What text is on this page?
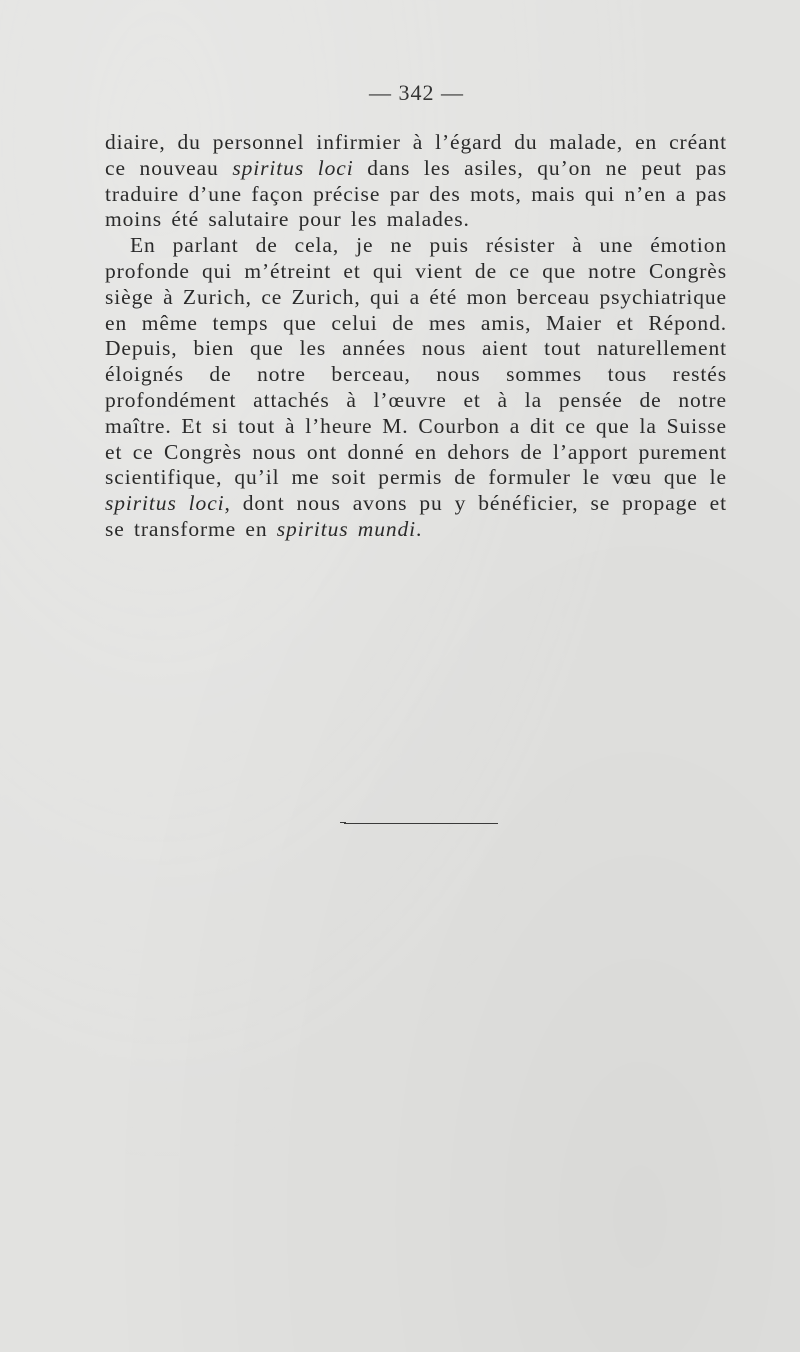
— 342 —

diaire, du personnel infirmier à l’égard du malade, en créant ce nouveau spiritus loci dans les asiles, qu’on ne peut pas traduire d’une façon précise par des mots, mais qui n’en a pas moins été salutaire pour les malades.

En parlant de cela, je ne puis résister à une émotion profonde qui m’étreint et qui vient de ce que notre Congrès siège à Zurich, ce Zurich, qui a été mon berceau psychiatrique en même temps que celui de mes amis, Maier et Répond. Depuis, bien que les années nous aient tout naturellement éloignés de notre berceau, nous sommes tous restés profondément attachés à l’œuvre et à la pensée de notre maître. Et si tout à l’heure M. Courbon a dit ce que la Suisse et ce Congrès nous ont donné en dehors de l’apport purement scientifique, qu’il me soit permis de formuler le vœu que le spiritus loci, dont nous avons pu y bénéficier, se propage et se transforme en spiritus mundi.
